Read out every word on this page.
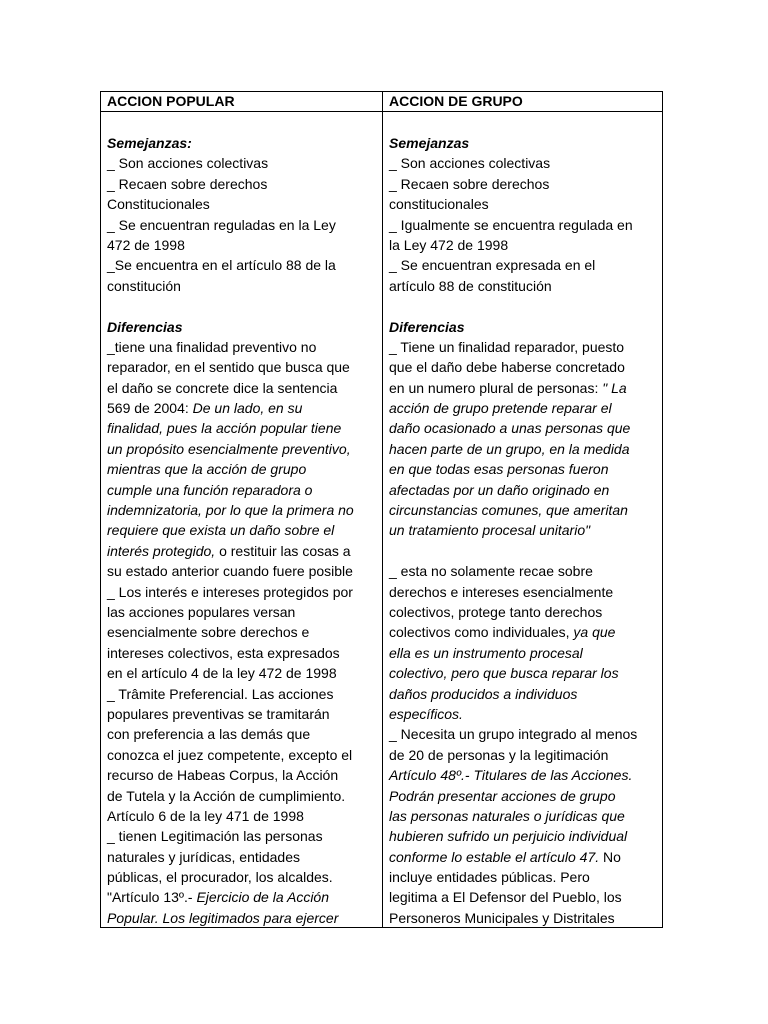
ACCION POPULAR	ACCION DE GRUPO
Semejanzas:
_ Son acciones colectivas
_ Recaen sobre derechos
Constitucionales
_ Se encuentran reguladas en la Ley
472 de 1998
_Se encuentra en el artículo 88 de la
constitución
Diferencias
_tiene una finalidad preventivo no
reparador, en el sentido que busca que
el daño se concrete dice la sentencia
569 de 2004: De un lado, en su
finalidad, pues la acción popular tiene
un propósito esencialmente preventivo,
mientras que la acción de grupo
cumple una función reparadora o
indemnizatoria, por lo que la primera no
requiere que exista un daño sobre el
interés protegido, o restituir las cosas a
su estado anterior cuando fuere posible
_ Los interés e intereses protegidos por
las acciones populares versan
esencialmente sobre derechos e
intereses colectivos, esta expresados
en el artículo 4 de la ley 472 de 1998
_ Trâmite Preferencial. Las acciones
populares preventivas se tramitarán
con preferencia a las demás que
conozca el juez competente, excepto el
recurso de Habeas Corpus, la Acción
de Tutela y la Acción de cumplimiento.
Artículo 6 de la ley 471 de 1998
_ tienen Legitimación las personas
naturales y jurídicas, entidades
públicas, el procurador, los alcaldes.
"Artículo 13º.- Ejercicio de la Acción
Popular. Los legitimados para ejercer
Semejanzas
_ Son acciones colectivas
_ Recaen sobre derechos
constitucionales
_ Igualmente se encuentra regulada en
la Ley 472 de 1998
_ Se encuentran expresada en el
artículo 88 de constitución
Diferencias
_ Tiene un finalidad reparador, puesto
que el daño debe haberse concretado
en un numero plural de personas: " La
acción de grupo pretende reparar el
daño ocasionado a unas personas que
hacen parte de un grupo, en la medida
en que todas esas personas fueron
afectadas por un daño originado en
circunstancias comunes, que ameritan
un tratamiento procesal unitario"
_ esta no solamente recae sobre
derechos e intereses esencialmente
colectivos, protege tanto derechos
colectivos como individuales, ya que
ella es un instrumento procesal
colectivo, pero que busca reparar los
daños producidos a individuos
específicos.
_ Necesita un grupo integrado al menos
de 20 de personas y la legitimación
Artículo 48º.- Titulares de las Acciones.
Podrán presentar acciones de grupo
las personas naturales o jurídicas que
hubieren sufrido un perjuicio individual
conforme lo estable el artículo 47. No
incluye entidades públicas. Pero
legitima a El Defensor del Pueblo, los
Personeros Municipales y Distritales
